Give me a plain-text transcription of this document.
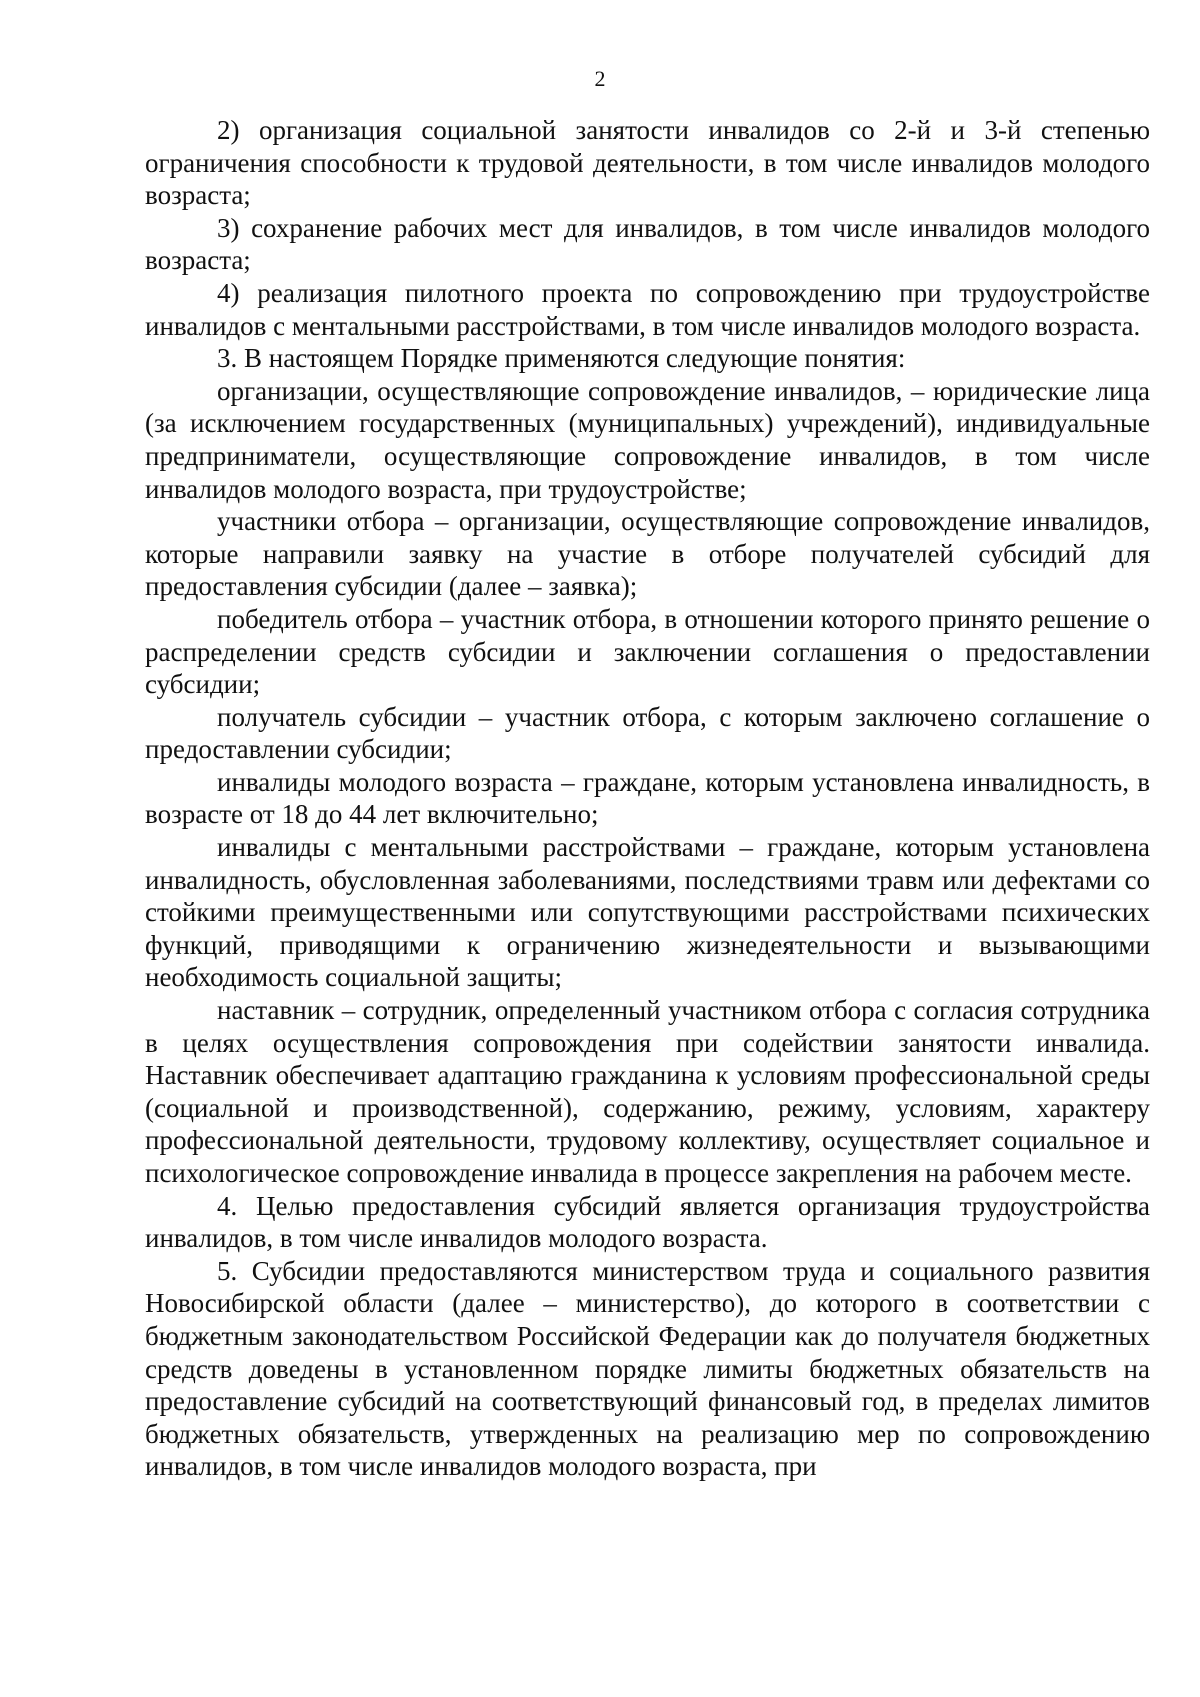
2

2) организация социальной занятости инвалидов со 2-й и 3-й степенью ограничения способности к трудовой деятельности, в том числе инвалидов молодого возраста;

3) сохранение рабочих мест для инвалидов, в том числе инвалидов молодого возраста;

4) реализация пилотного проекта по сопровождению при трудоустройстве инвалидов с ментальными расстройствами, в том числе инвалидов молодого возраста.

3. В настоящем Порядке применяются следующие понятия:

организации, осуществляющие сопровождение инвалидов, – юридические лица (за исключением государственных (муниципальных) учреждений), индивидуальные предприниматели, осуществляющие сопровождение инвалидов, в том числе инвалидов молодого возраста, при трудоустройстве;

участники отбора – организации, осуществляющие сопровождение инвалидов, которые направили заявку на участие в отборе получателей субсидий для предоставления субсидии (далее – заявка);

победитель отбора – участник отбора, в отношении которого принято решение о распределении средств субсидии и заключении соглашения о предоставлении субсидии;

получатель субсидии – участник отбора, с которым заключено соглашение о предоставлении субсидии;

инвалиды молодого возраста – граждане, которым установлена инвалидность, в возрасте от 18 до 44 лет включительно;

инвалиды с ментальными расстройствами – граждане, которым установлена инвалидность, обусловленная заболеваниями, последствиями травм или дефектами со стойкими преимущественными или сопутствующими расстройствами психических функций, приводящими к ограничению жизнедеятельности и вызывающими необходимость социальной защиты;

наставник – сотрудник, определенный участником отбора с согласия сотрудника в целях осуществления сопровождения при содействии занятости инвалида. Наставник обеспечивает адаптацию гражданина к условиям профессиональной среды (социальной и производственной), содержанию, режиму, условиям, характеру профессиональной деятельности, трудовому коллективу, осуществляет социальное и психологическое сопровождение инвалида в процессе закрепления на рабочем месте.

4. Целью предоставления субсидий является организация трудоустройства инвалидов, в том числе инвалидов молодого возраста.

5. Субсидии предоставляются министерством труда и социального развития Новосибирской области (далее – министерство), до которого в соответствии с бюджетным законодательством Российской Федерации как до получателя бюджетных средств доведены в установленном порядке лимиты бюджетных обязательств на предоставление субсидий на соответствующий финансовый год, в пределах лимитов бюджетных обязательств, утвержденных на реализацию мер по сопровождению инвалидов, в том числе инвалидов молодого возраста, при
